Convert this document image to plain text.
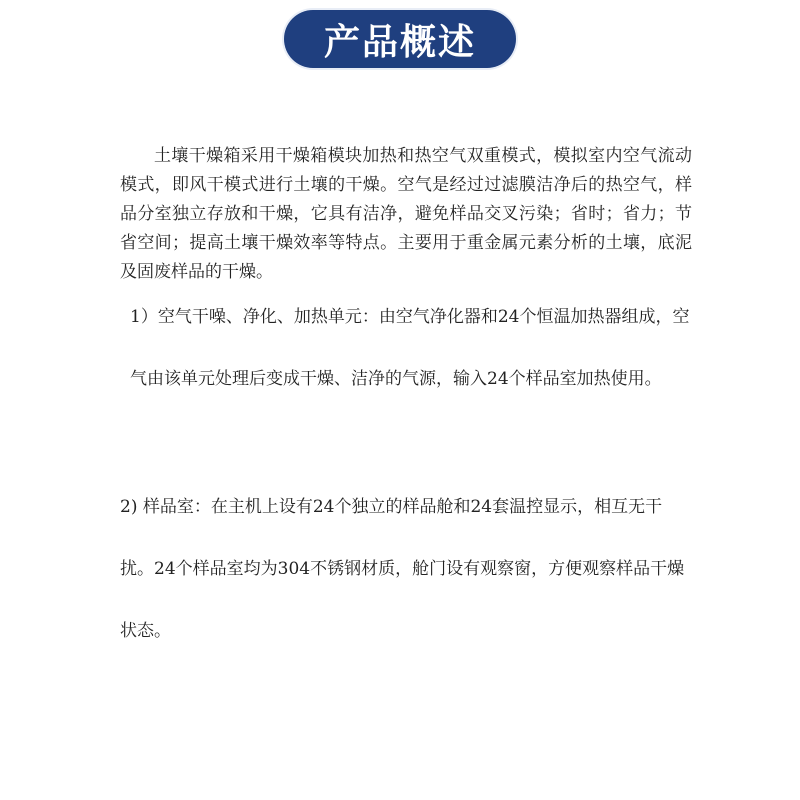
产品概述

土壤干燥箱采用干燥箱模块加热和热空气双重模式，模拟室内空气流动模式，即风干模式进行土壤的干燥。空气是经过过滤膜洁净后的热空气，样品分室独立存放和干燥，它具有洁净，避免样品交叉污染；省时；省力；节省空间；提高土壤干燥效率等特点。主要用于重金属元素分析的土壤，底泥及固废样品的干燥。

1）空气干噪、净化、加热单元：由空气净化器和24个恒温加热器组成，空气由该单元处理后变成干燥、洁净的气源，输入24个样品室加热使用。

2) 样品室：在主机上设有24个独立的样品舱和24套温控显示，相互无干扰。24个样品室均为304不锈钢材质，舱门设有观察窗，方便观察样品干燥状态。
